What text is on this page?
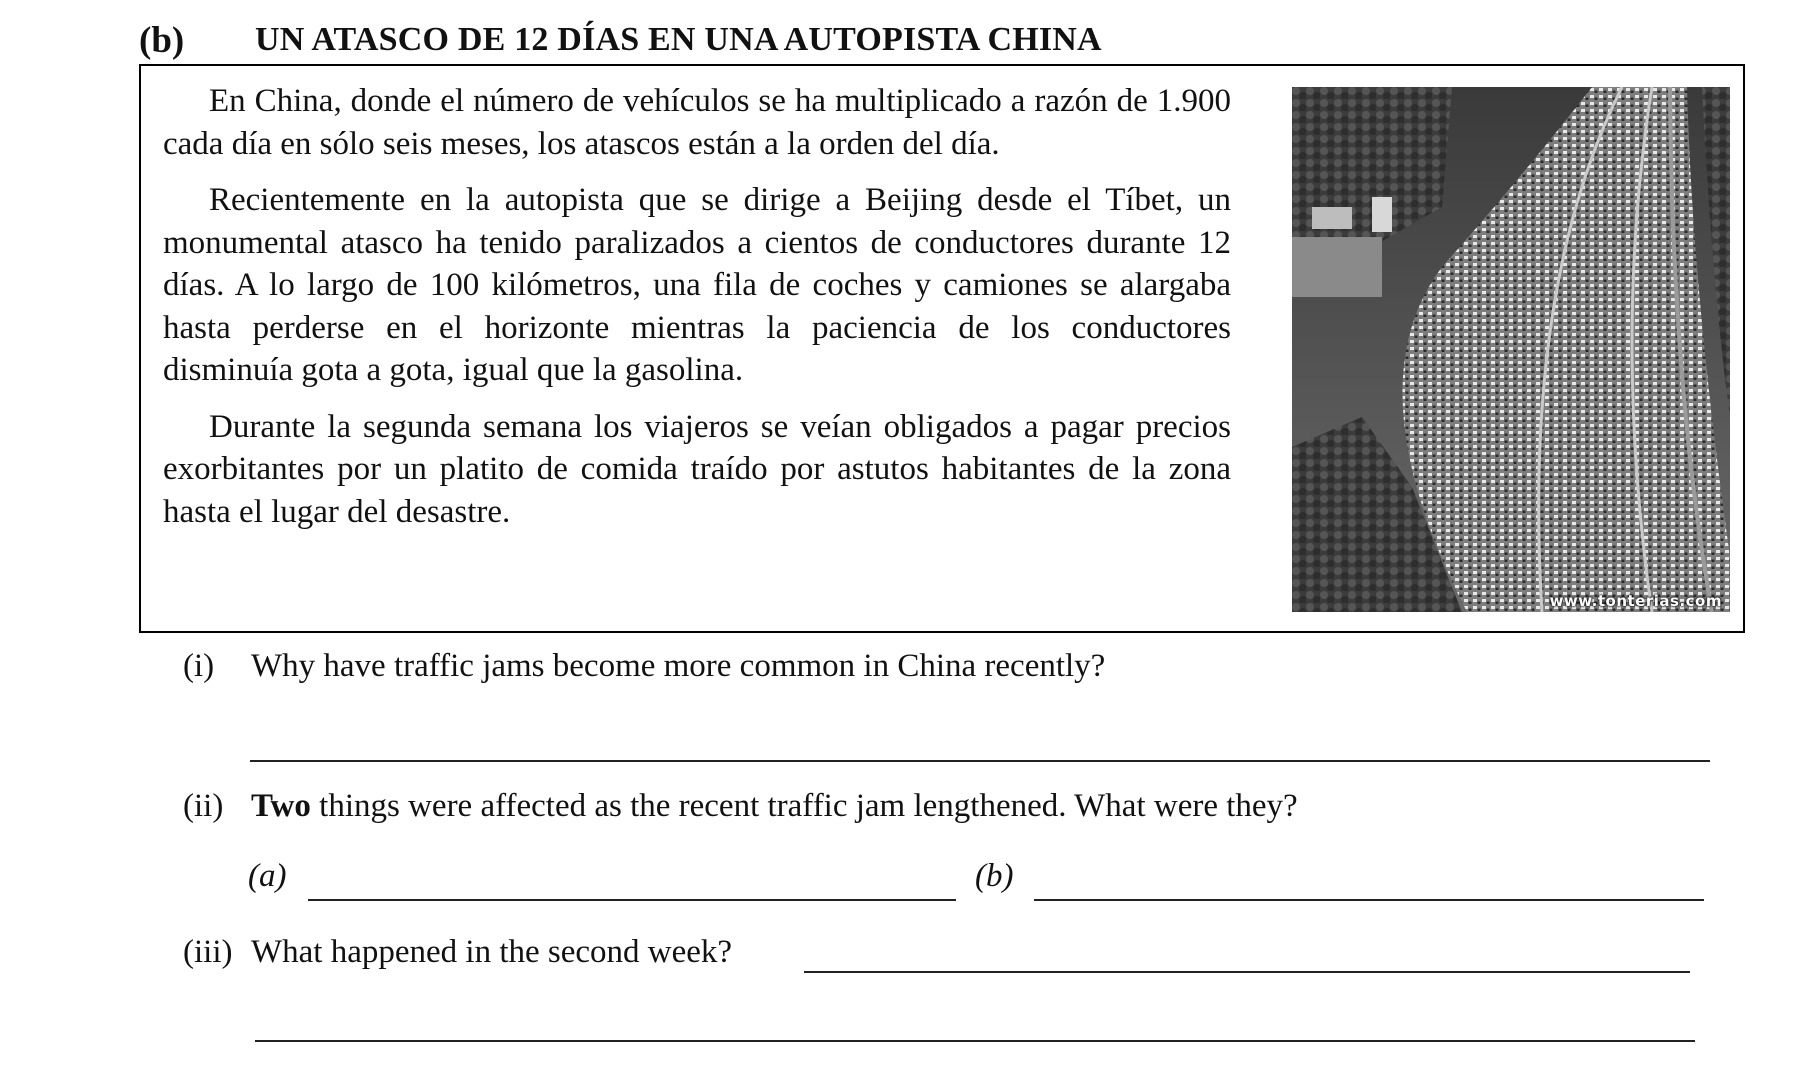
(b)	UN ATASCO DE 12 DÍAS EN UNA AUTOPISTA CHINA

En China, donde el número de vehículos se ha multiplicado a razón de 1.900 cada día en sólo seis meses, los atascos están a la orden del día.

Recientemente en la autopista que se dirige a Beijing desde el Tíbet, un monumental atasco ha tenido paralizados a cientos de conductores durante 12 días. A lo largo de 100 kilómetros, una fila de coches y camiones se alargaba hasta perderse en el horizonte mientras la paciencia de los conductores disminuía gota a gota, igual que la gasolina.

Durante la segunda semana los viajeros se veían obligados a pagar precios exorbitantes por un platito de comida traído por astutos habitantes de la zona hasta el lugar del desastre.

www.tonterias.com
(i) Why have traffic jams become more common in China recently?
(ii) Two things were affected as the recent traffic jam lengthened. What were they?
(a)	(b)
(iii) What happened in the second week?
